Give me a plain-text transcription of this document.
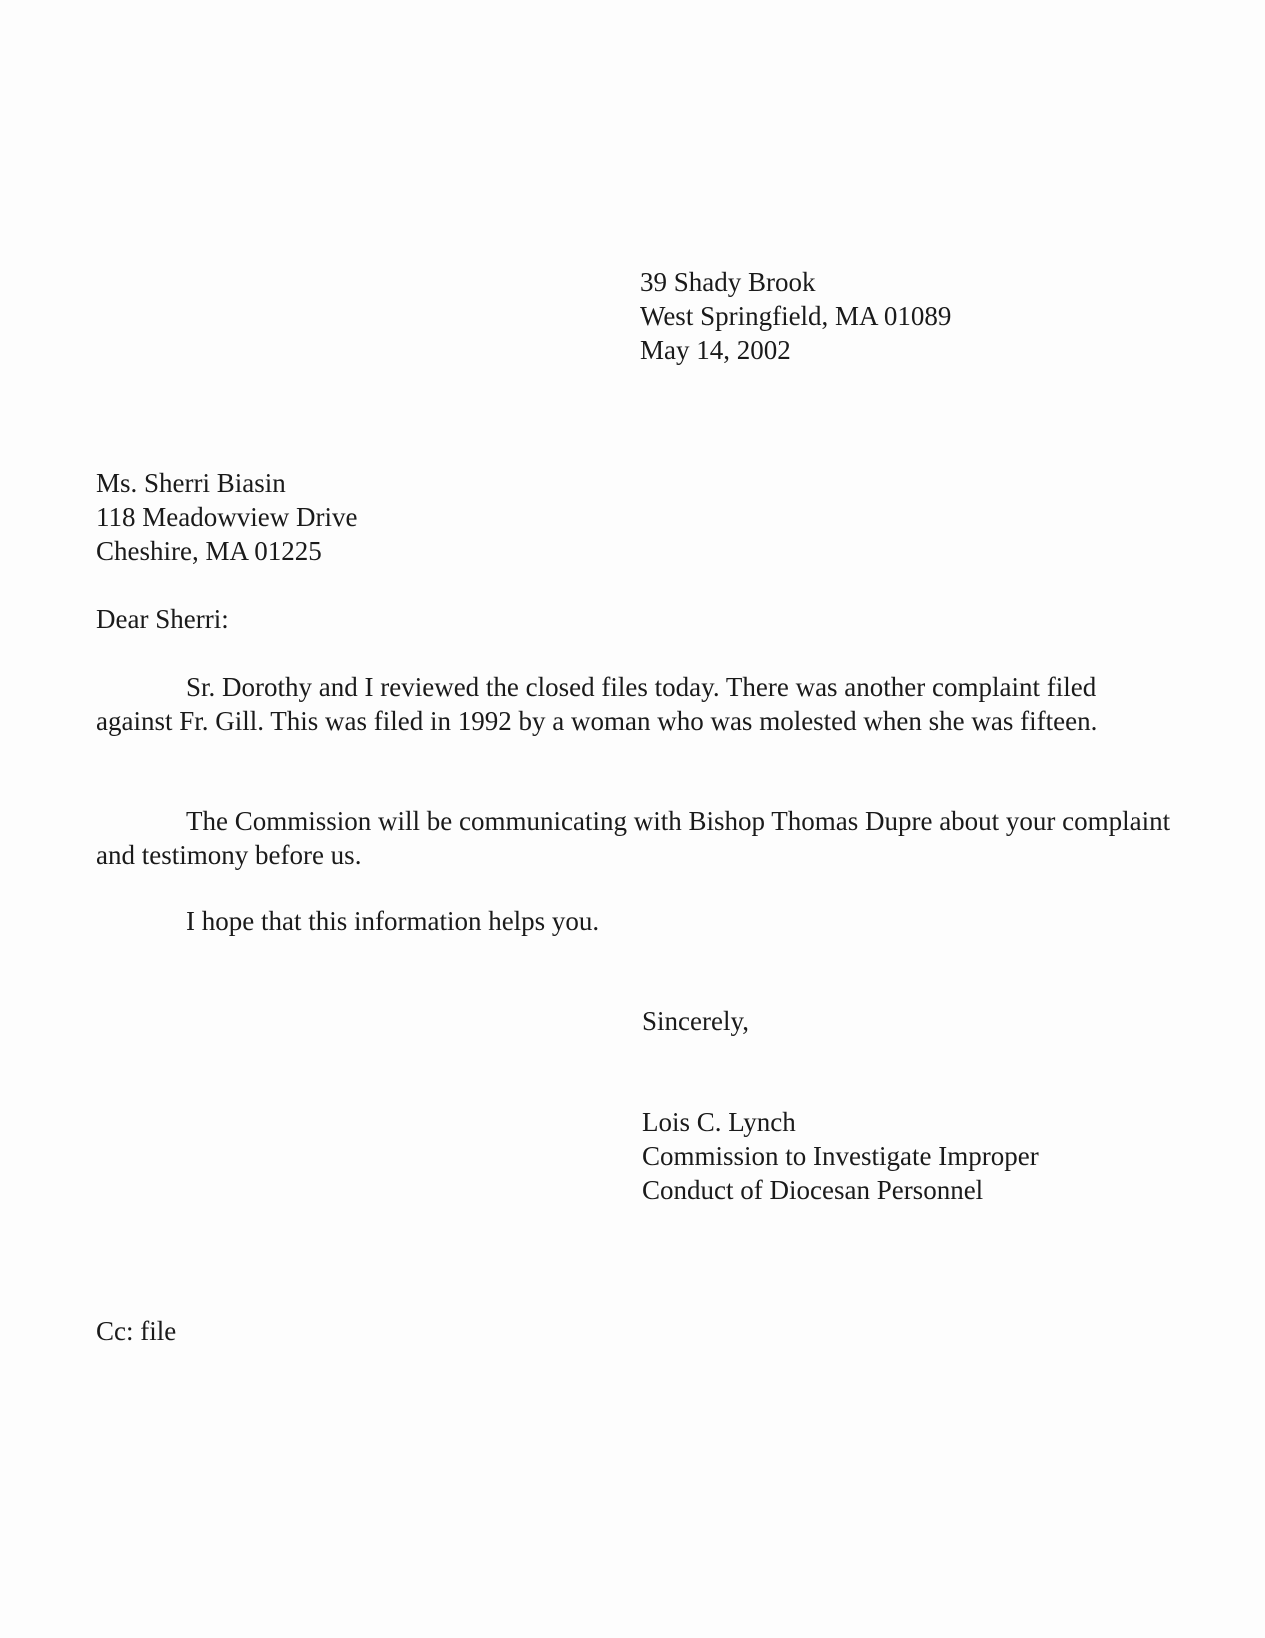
39 Shady Brook
West Springfield, MA 01089
May 14, 2002
Ms. Sherri Biasin
118 Meadowview Drive
Cheshire, MA 01225
Dear Sherri:

Sr. Dorothy and I reviewed the closed files today. There was another complaint filed against Fr. Gill. This was filed in 1992 by a woman who was molested when she was fifteen.

The Commission will be communicating with Bishop Thomas Dupre about your complaint and testimony before us.

I hope that this information helps you.

Sincerely,
Lois C. Lynch
Commission to Investigate Improper
Conduct of Diocesan Personnel
Cc: file
